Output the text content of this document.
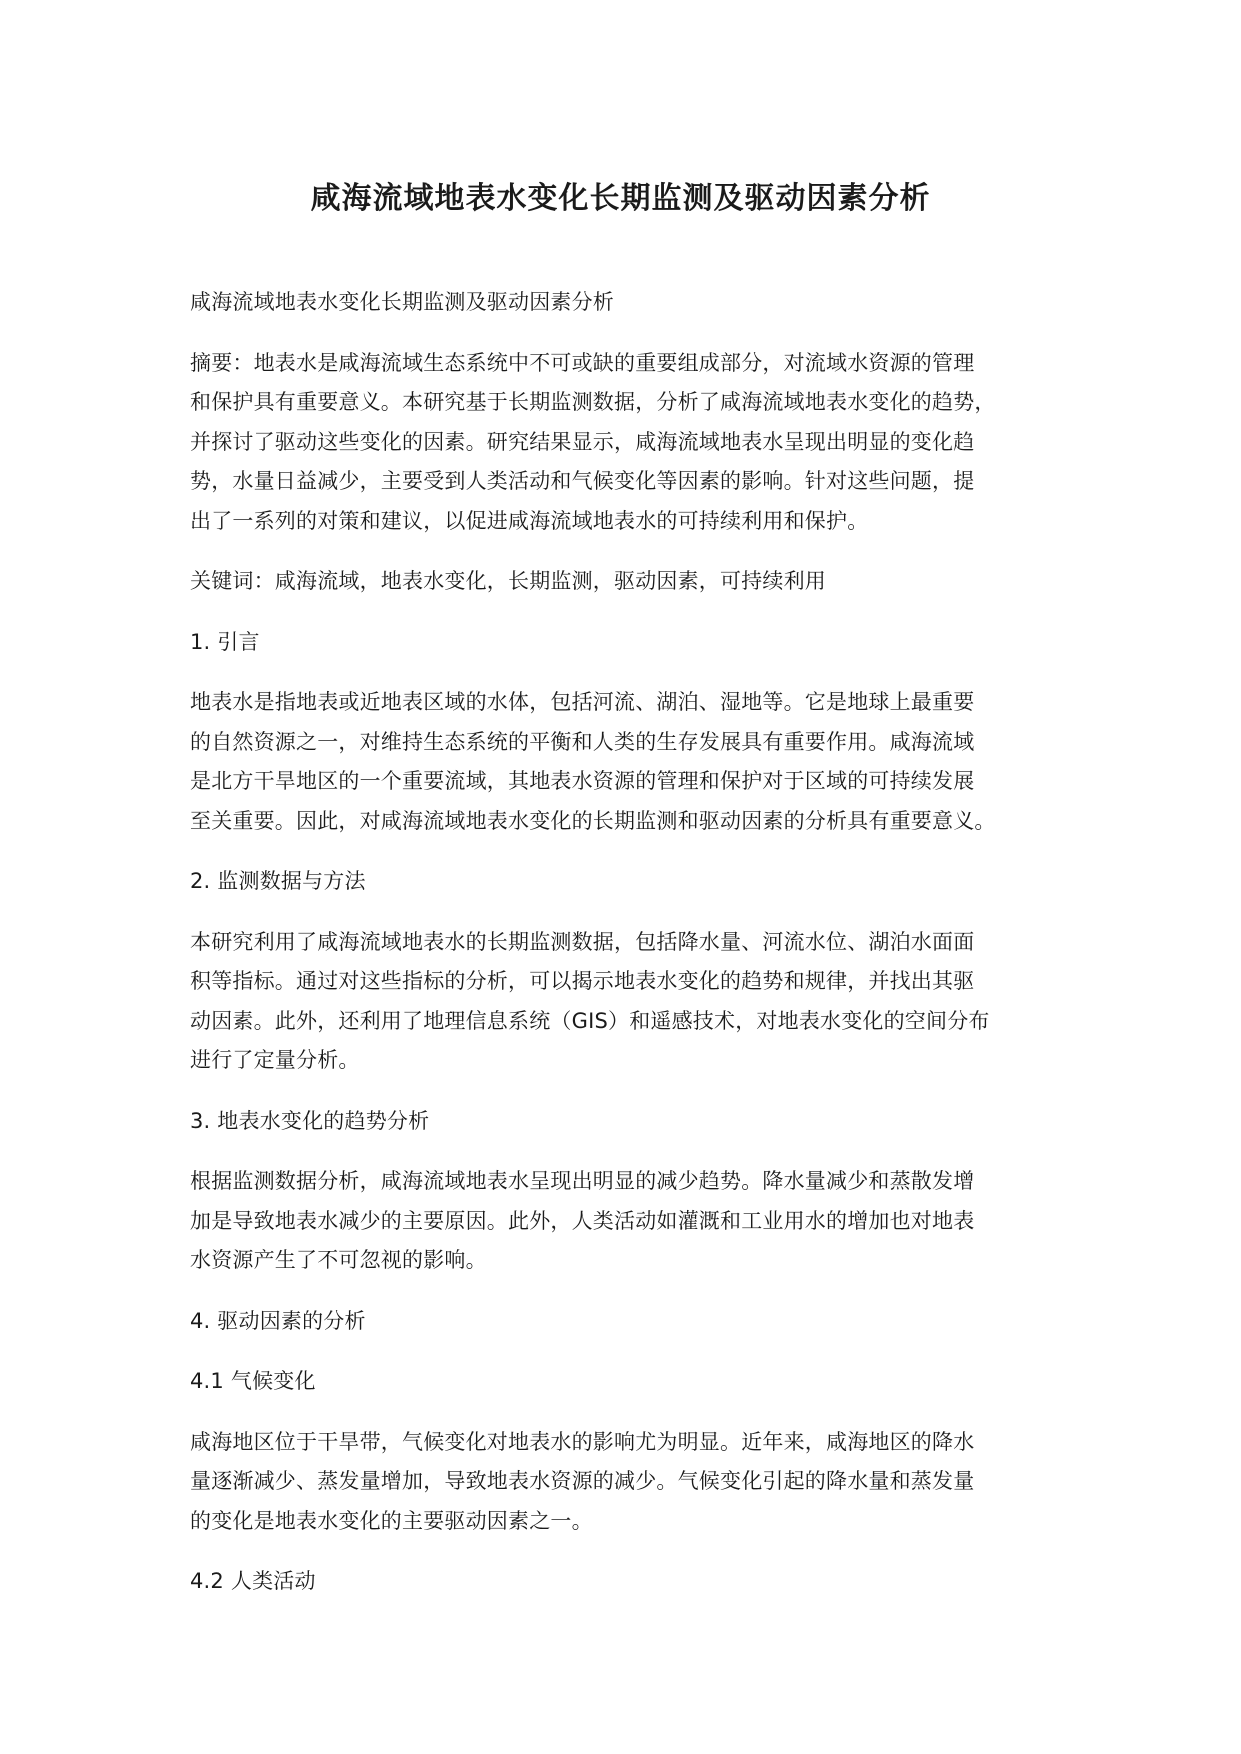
咸海流域地表水变化长期监测及驱动因素分析

咸海流域地表水变化长期监测及驱动因素分析

摘要：地表水是咸海流域生态系统中不可或缺的重要组成部分，对流域水资源的管理
和保护具有重要意义。本研究基于长期监测数据，分析了咸海流域地表水变化的趋势，
并探讨了驱动这些变化的因素。研究结果显示，咸海流域地表水呈现出明显的变化趋
势，水量日益减少，主要受到人类活动和气候变化等因素的影响。针对这些问题，提
出了一系列的对策和建议，以促进咸海流域地表水的可持续利用和保护。

关键词：咸海流域，地表水变化，长期监测，驱动因素，可持续利用

1. 引言

地表水是指地表或近地表区域的水体，包括河流、湖泊、湿地等。它是地球上最重要
的自然资源之一，对维持生态系统的平衡和人类的生存发展具有重要作用。咸海流域
是北方干旱地区的一个重要流域，其地表水资源的管理和保护对于区域的可持续发展
至关重要。因此，对咸海流域地表水变化的长期监测和驱动因素的分析具有重要意义。

2. 监测数据与方法

本研究利用了咸海流域地表水的长期监测数据，包括降水量、河流水位、湖泊水面面
积等指标。通过对这些指标的分析，可以揭示地表水变化的趋势和规律，并找出其驱
动因素。此外，还利用了地理信息系统（GIS）和遥感技术，对地表水变化的空间分布
进行了定量分析。

3. 地表水变化的趋势分析

根据监测数据分析，咸海流域地表水呈现出明显的减少趋势。降水量减少和蒸散发增
加是导致地表水减少的主要原因。此外，人类活动如灌溉和工业用水的增加也对地表
水资源产生了不可忽视的影响。

4. 驱动因素的分析

4.1 气候变化

咸海地区位于干旱带，气候变化对地表水的影响尤为明显。近年来，咸海地区的降水
量逐渐减少、蒸发量增加，导致地表水资源的减少。气候变化引起的降水量和蒸发量
的变化是地表水变化的主要驱动因素之一。

4.2 人类活动
